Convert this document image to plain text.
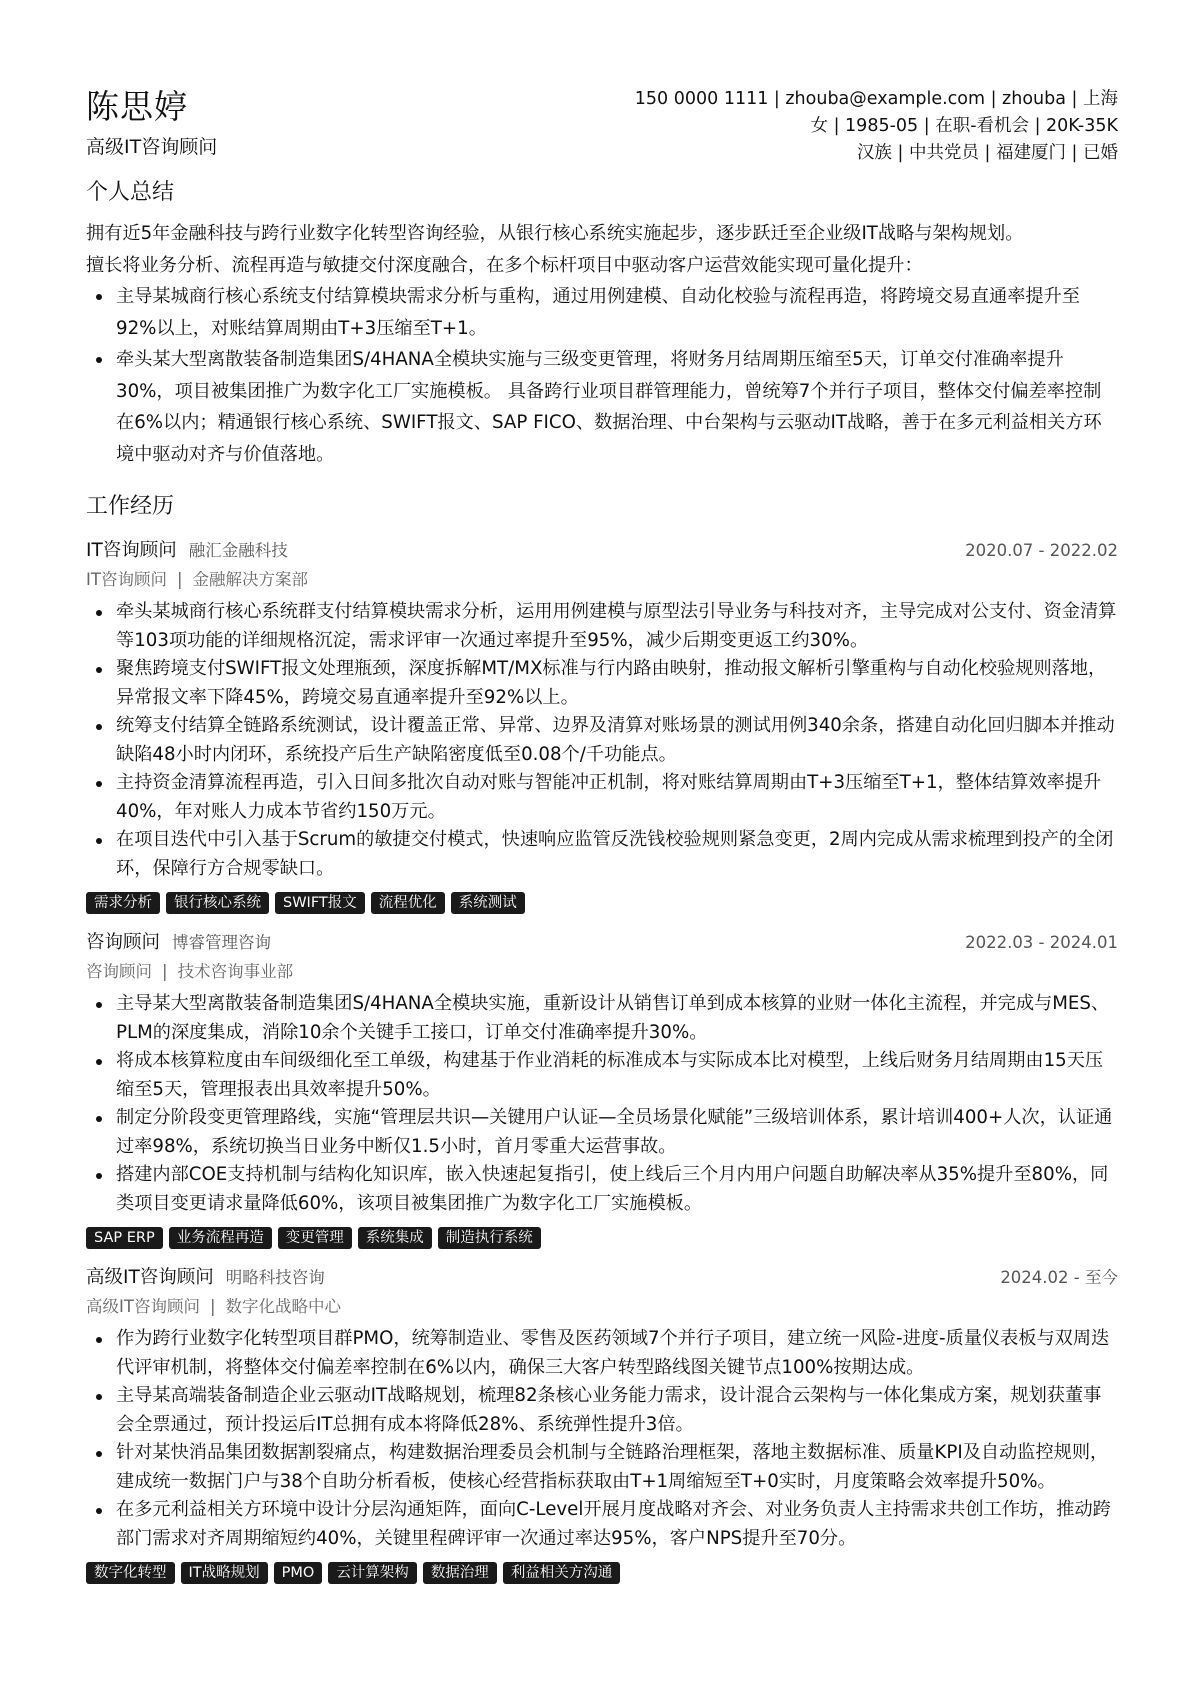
陈思婷
高级IT咨询顾问
150 0000 1111 | zhouba@example.com | zhouba | 上海
女 | 1985-05 | 在职-看机会 | 20K-35K
汉族 | 中共党员 | 福建厦门 | 已婚
个人总结

拥有近5年金融科技与跨行业数字化转型咨询经验，从银行核心系统实施起步，逐步跃迁至企业级IT战略与架构规划。

擅长将业务分析、流程再造与敏捷交付深度融合，在多个标杆项目中驱动客户运营效能实现可量化提升：

主导某城商行核心系统支付结算模块需求分析与重构，通过用例建模、自动化校验与流程再造，将跨境交易直通率提升至92%以上，对账结算周期由T+3压缩至T+1。
牵头某大型离散装备制造集团S/4HANA全模块实施与三级变更管理，将财务月结周期压缩至5天，订单交付准确率提升30%，项目被集团推广为数字化工厂实施模板。 具备跨行业项目群管理能力，曾统筹7个并行子项目，整体交付偏差率控制在6%以内；精通银行核心系统、SWIFT报文、SAP FICO、数据治理、中台架构与云驱动IT战略，善于在多元利益相关方环境中驱动对齐与价值落地。
工作经历
IT咨询顾问 融汇金融科技	2020.07 - 2022.02
IT咨询顾问 | 金融解决方案部
牵头某城商行核心系统群支付结算模块需求分析，运用用例建模与原型法引导业务与科技对齐，主导完成对公支付、资金清算等103项功能的详细规格沉淀，需求评审一次通过率提升至95%，减少后期变更返工约30%。
聚焦跨境支付SWIFT报文处理瓶颈，深度拆解MT/MX标准与行内路由映射，推动报文解析引擎重构与自动化校验规则落地，异常报文率下降45%，跨境交易直通率提升至92%以上。
统筹支付结算全链路系统测试，设计覆盖正常、异常、边界及清算对账场景的测试用例340余条，搭建自动化回归脚本并推动缺陷48小时内闭环，系统投产后生产缺陷密度低至0.08个/千功能点。
主持资金清算流程再造，引入日间多批次自动对账与智能冲正机制，将对账结算周期由T+3压缩至T+1，整体结算效率提升40%，年对账人力成本节省约150万元。
在项目迭代中引入基于Scrum的敏捷交付模式，快速响应监管反洗钱校验规则紧急变更，2周内完成从需求梳理到投产的全闭环，保障行方合规零缺口。
需求分析	银行核心系统	SWIFT报文	流程优化	系统测试
咨询顾问 博睿管理咨询	2022.03 - 2024.01
咨询顾问 | 技术咨询事业部
主导某大型离散装备制造集团S/4HANA全模块实施，重新设计从销售订单到成本核算的业财一体化主流程，并完成与MES、PLM的深度集成，消除10余个关键手工接口，订单交付准确率提升30%。
将成本核算粒度由车间级细化至工单级，构建基于作业消耗的标准成本与实际成本比对模型，上线后财务月结周期由15天压缩至5天，管理报表出具效率提升50%。
制定分阶段变更管理路线，实施“管理层共识—关键用户认证—全员场景化赋能”三级培训体系，累计培训400+人次，认证通过率98%，系统切换当日业务中断仅1.5小时，首月零重大运营事故。
搭建内部COE支持机制与结构化知识库，嵌入快速起复指引，使上线后三个月内用户问题自助解决率从35%提升至80%，同类项目变更请求量降低60%，该项目被集团推广为数字化工厂实施模板。
SAP ERP	业务流程再造	变更管理	系统集成	制造执行系统
高级IT咨询顾问 明略科技咨询	2024.02 - 至今
高级IT咨询顾问 | 数字化战略中心
作为跨行业数字化转型项目群PMO，统筹制造业、零售及医药领域7个并行子项目，建立统一风险-进度-质量仪表板与双周迭代评审机制，将整体交付偏差率控制在6%以内，确保三大客户转型路线图关键节点100%按期达成。
主导某高端装备制造企业云驱动IT战略规划，梳理82条核心业务能力需求，设计混合云架构与一体化集成方案，规划获董事会全票通过，预计投运后IT总拥有成本将降低28%、系统弹性提升3倍。
针对某快消品集团数据割裂痛点，构建数据治理委员会机制与全链路治理框架，落地主数据标准、质量KPI及自动监控规则，建成统一数据门户与38个自助分析看板，使核心经营指标获取由T+1周缩短至T+0实时，月度策略会效率提升50%。
在多元利益相关方环境中设计分层沟通矩阵，面向C-Level开展月度战略对齐会、对业务负责人主持需求共创工作坊，推动跨部门需求对齐周期缩短约40%，关键里程碑评审一次通过率达95%，客户NPS提升至70分。
数字化转型	IT战略规划	PMO	云计算架构	数据治理	利益相关方沟通
